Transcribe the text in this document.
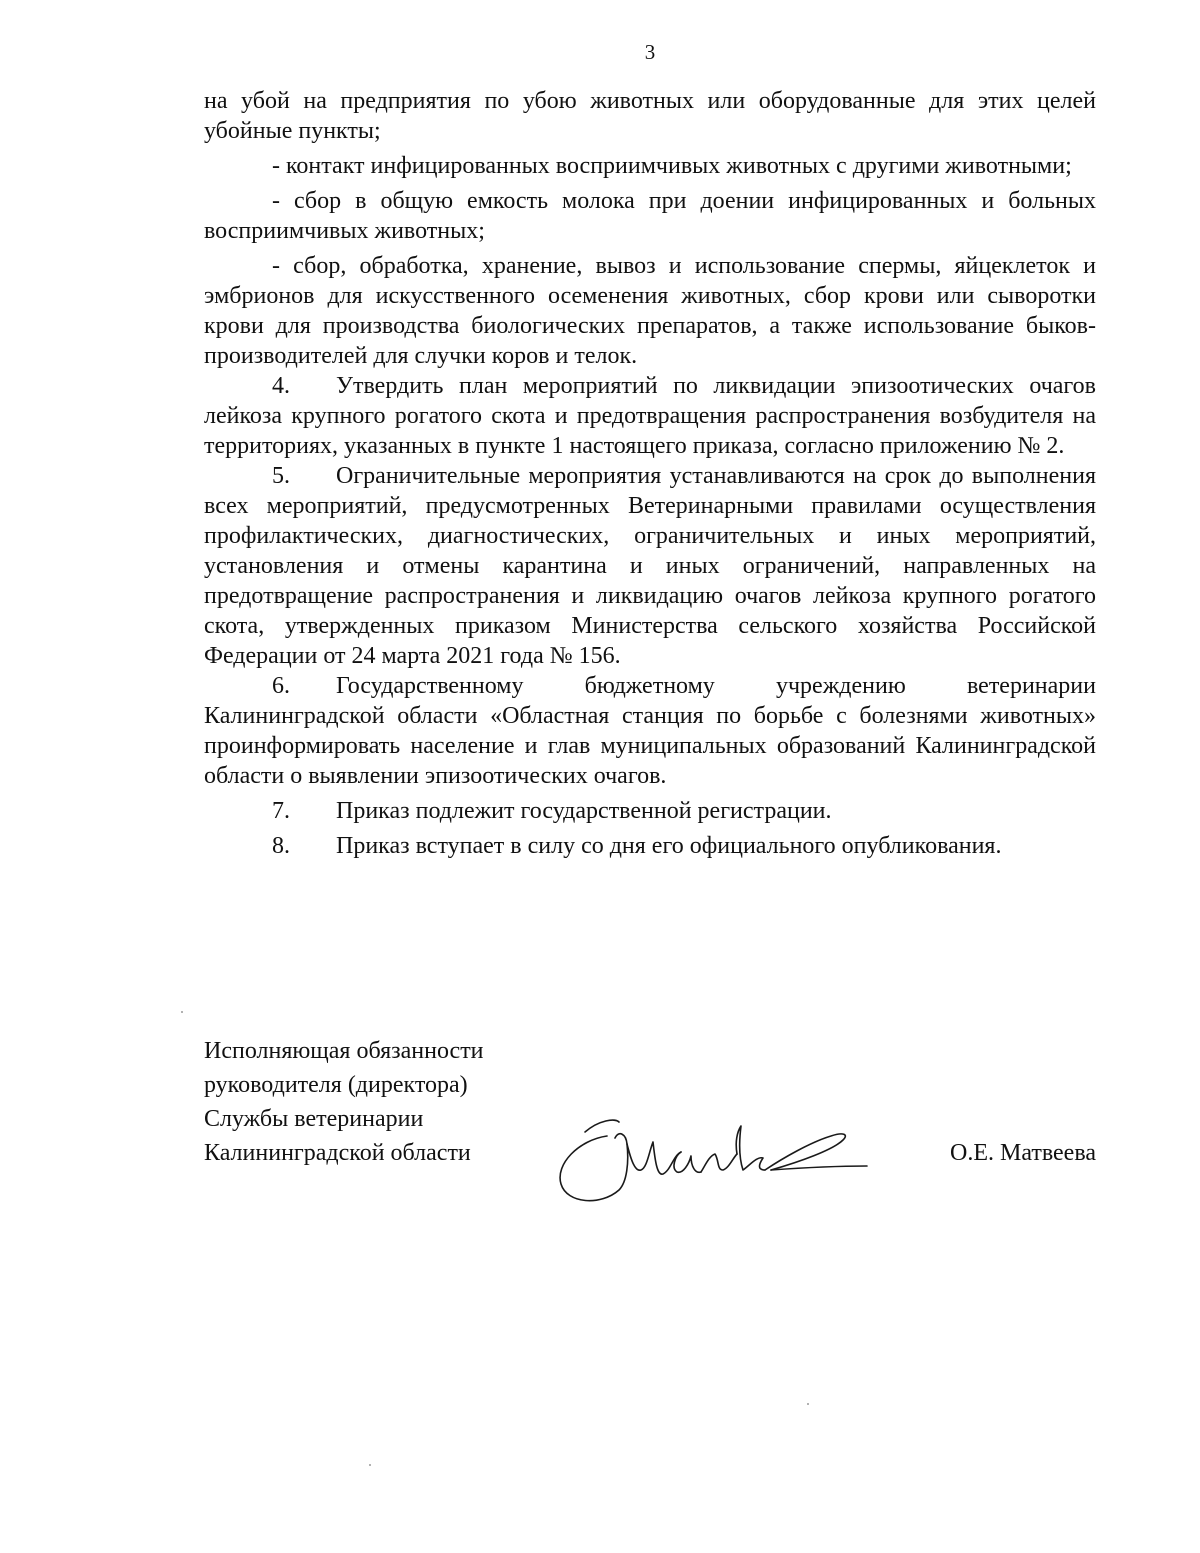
3

на убой на предприятия по убою животных или оборудованные для этих целей убойные пункты;

- контакт инфицированных восприимчивых животных с другими животными;

- сбор в общую емкость молока при доении инфицированных и больных восприимчивых животных;

- сбор, обработка, хранение, вывоз и использование спермы, яйцеклеток и эмбрионов для искусственного осеменения животных, сбор крови или сыворотки крови для производства биологических препаратов, а также использование быков-производителей для случки коров и телок.

4. Утвердить план мероприятий по ликвидации эпизоотических очагов лейкоза крупного рогатого скота и предотвращения распространения возбудителя на территориях, указанных в пункте 1 настоящего приказа, согласно приложению № 2.

5. Ограничительные мероприятия устанавливаются на срок до выполнения всех мероприятий, предусмотренных Ветеринарными правилами осуществления профилактических, диагностических, ограничительных и иных мероприятий, установления и отмены карантина и иных ограничений, направленных на предотвращение распространения и ликвидацию очагов лейкоза крупного рогатого скота, утвержденных приказом Министерства сельского хозяйства Российской Федерации от 24 марта 2021 года № 156.

6. Государственному бюджетному учреждению ветеринарии Калининградской области «Областная станция по борьбе с болезнями животных» проинформировать население и глав муниципальных образований Калининградской области о выявлении эпизоотических очагов.

7. Приказ подлежит государственной регистрации.

8. Приказ вступает в силу со дня его официального опубликования.

Исполняющая обязанности
руководителя (директора)
Службы ветеринарии
Калининградской области	О.Е. Матвеева
